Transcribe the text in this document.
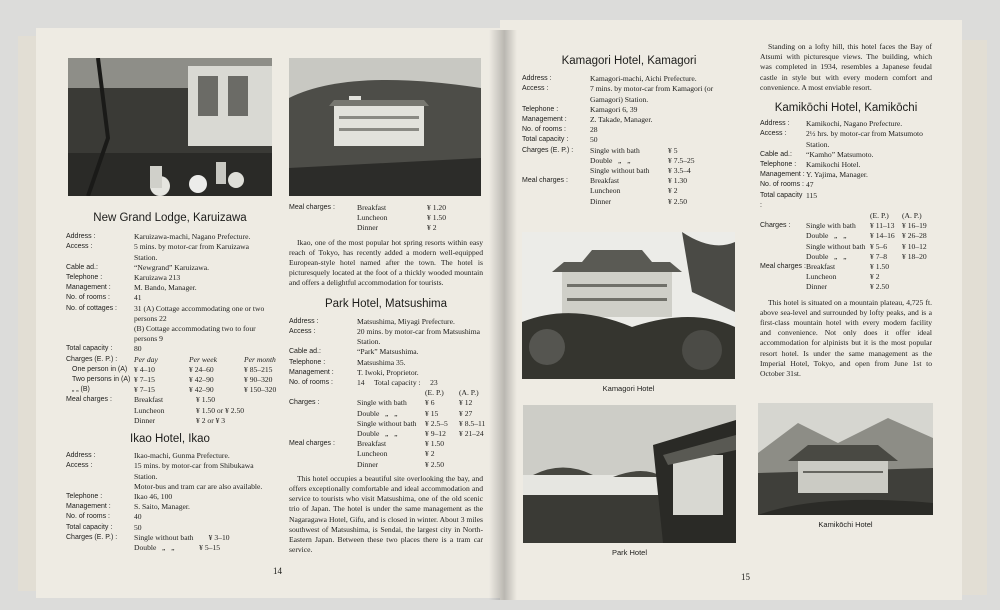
Kamagori Hotel
Park Hotel
Kamikōchi Hotel
New Grand Lodge, Karuizawa
Address :	Karuizawa-machi, Nagano Prefecture.
Access :	5 mins. by motor-car from Karuizawa Station.
Cable ad.:	“Newgrand” Karuizawa.
Telephone :	Karuizawa 213
Management :	M. Bando, Manager.
No. of rooms :	41
No. of cottages :	31 (A) Cottage accommodating one or two persons 22
(B) Cottage accommodating two to four persons 9
Total capacity :	80
Charges (E. P.) :	Per day	Per week	Per month
One person in (A) ¥ 4–10	¥ 24–60	¥ 85–215
Two persons in (A) ¥ 7–15	¥ 42–90	¥ 90–320
„ „ (B)	¥ 7–15	¥ 42–90	¥ 150–320
Meal charges :	Breakfast	¥ 1.50
Luncheon	¥ 1.50 or ¥ 2.50
Dinner	¥ 2 or ¥ 3
Ikao Hotel, Ikao
Address :	Ikao-machi, Gunma Prefecture.
Access :	15 mins. by motor-car from Shibukawa Station.
Motor-bus and tram car are also available.
Telephone :	Ikao 46, 100
Management :	S. Saito, Manager.
No. of rooms :	40
Total capacity :	50
Charges (E. P.) :	Single without bath        ¥ 3–10
Double   „   „             ¥ 5–15
Meal charges :	Breakfast	¥ 1.20
Luncheon	¥ 1.50
Dinner	¥ 2

Ikao, one of the most popular hot spring resorts within easy reach of Tokyo, has recently added a modern well-equipped European-style hotel named after the town. The hotel is picturesquely located at the foot of a thickly wooded mountain and offers a delightful accommodation for tourists.

Park Hotel, Matsushima
Address :	Matsushima, Miyagi Prefecture.
Access :	20 mins. by motor-car from Matsushima Station.
Cable ad.:	“Park” Matsushima.
Telephone :	Matsushima 35.
Management :	T. Iwoki, Proprietor.
No. of rooms :	14     Total capacity :     23
(E. P.)	(A. P.)
Charges :	Single with bath	¥ 6	¥ 12
Double   „   „	¥ 15	¥ 27
Single without bath	¥ 2.5–5	¥ 8.5–11
Double   „   „	¥ 9–12	¥ 21–24
Meal charges :	Breakfast	¥ 1.50
Luncheon	¥ 2
Dinner	¥ 2.50

This hotel occupies a beautiful site overlooking the bay, and offers exceptionally comfortable and ideal accommodation and service to tourists who visit Matsushima, one of the old scenic trio of Japan. The hotel is under the same management as the Nagaragawa Hotel, Gifu, and is closed in winter. About 3 miles southwest of Matsushima, is Sendai, the largest city in North-Eastern Japan. Between these two places there is a tram car service.

Kamagori Hotel, Kamagori
Address :	Kamagori-machi, Aichi Prefecture.
Access :	7 mins. by motor-car from Kamagori (or Gamagori) Station.
Telephone :	Kamagori 6, 39
Management :	Z. Takade, Manager.
No. of rooms :	28
Total capacity :	50
Charges (E. P.) :	Single with bath	¥ 5
Double   „   „	¥ 7.5–25
Single without bath	¥ 3.5–4
Meal charges :	Breakfast	¥ 1.30
Luncheon	¥ 2
Dinner	¥ 2.50

Standing on a lofty hill, this hotel faces the Bay of Atsumi with picturesque views. The building, which was completed in 1934, resembles a Japanese feudal castle in style but with every modern comfort and convenience. A most enviable resort.

Kamikōchi Hotel, Kamikōchi
Address :	Kamikochi, Nagano Prefecture.
Access :	2½ hrs. by motor-car from Matsumoto Station.
Cable ad.:	“Kamho” Matsumoto.
Telephone :	Kamikochi Hotel.
Management : Y. Yajima, Manager.
No. of rooms : 47
Total capacity :
115
(E. P.)	(A. P.)
Charges :	Single with bath	¥ 11–13 ¥ 16–19
Double   „   „	¥ 14–16 ¥ 26–28
Single without bath ¥ 5–6	¥ 10–12
Double   „   „	¥ 7–8	¥ 18–20
Meal charges : Breakfast	¥ 1.50
Luncheon	¥ 2
Dinner	¥ 2.50

This hotel is situated on a mountain plateau, 4,725 ft. above sea-level and surrounded by lofty peaks, and is a first-class mountain hotel with every modern facility and convenience. Not only does it offer ideal accommodation for alpinists but it is the most popular resort hotel. Is under the same management as the Imperial Hotel, Tokyo, and open from June 1st to October 31st.

14
15
